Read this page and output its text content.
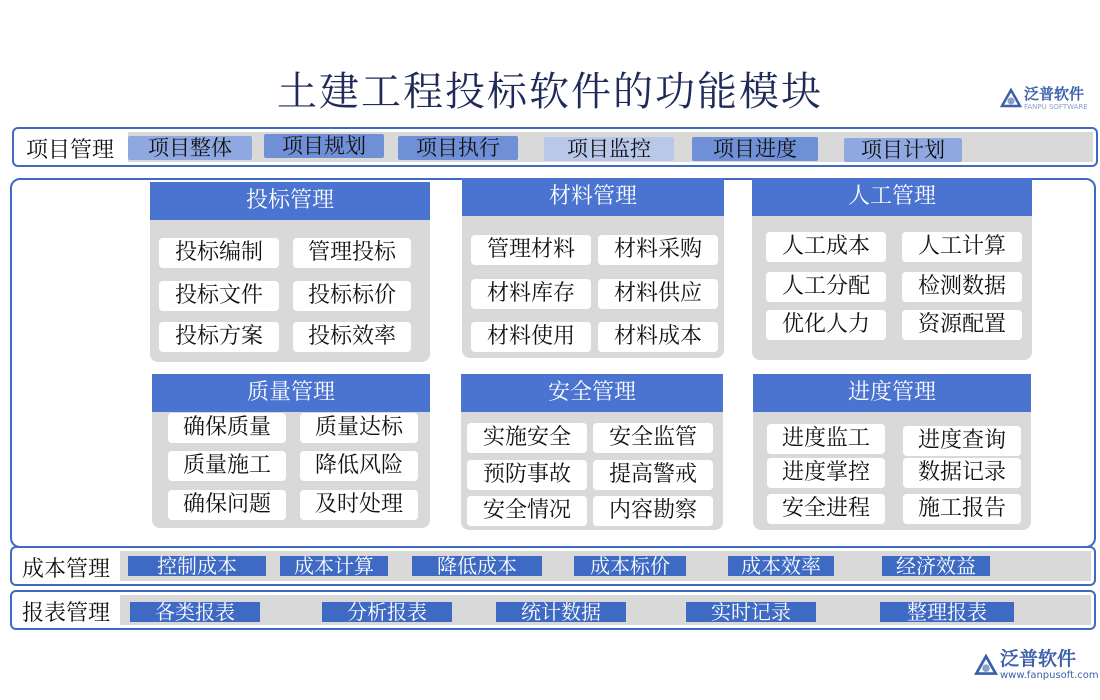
土建工程投标软件的功能模块	泛普软件
FANPU SOFTWARE
项目管理	项目整体	项目规划	项目执行	项目监控	项目进度	项目计划
投标管理
投标编制	管理投标
投标文件	投标标价
投标方案	投标效率
材料管理
管理材料	材料采购
材料库存	材料供应
材料使用	材料成本
人工管理
人工成本	人工计算
人工分配	检测数据
优化人力	资源配置
质量管理
确保质量	质量达标
质量施工	降低风险
确保问题	及时处理
安全管理
实施安全	安全监管
预防事故	提高警戒
安全情况	内容勘察
进度管理
进度监工	进度查询
进度掌控	数据记录
安全进程	施工报告
成本管理	控制成本	成本计算	降低成本	成本标价	成本效率	经济效益
报表管理	各类报表	分析报表	统计数据	实时记录	整理报表
泛普软件
www.fanpusoft.com
